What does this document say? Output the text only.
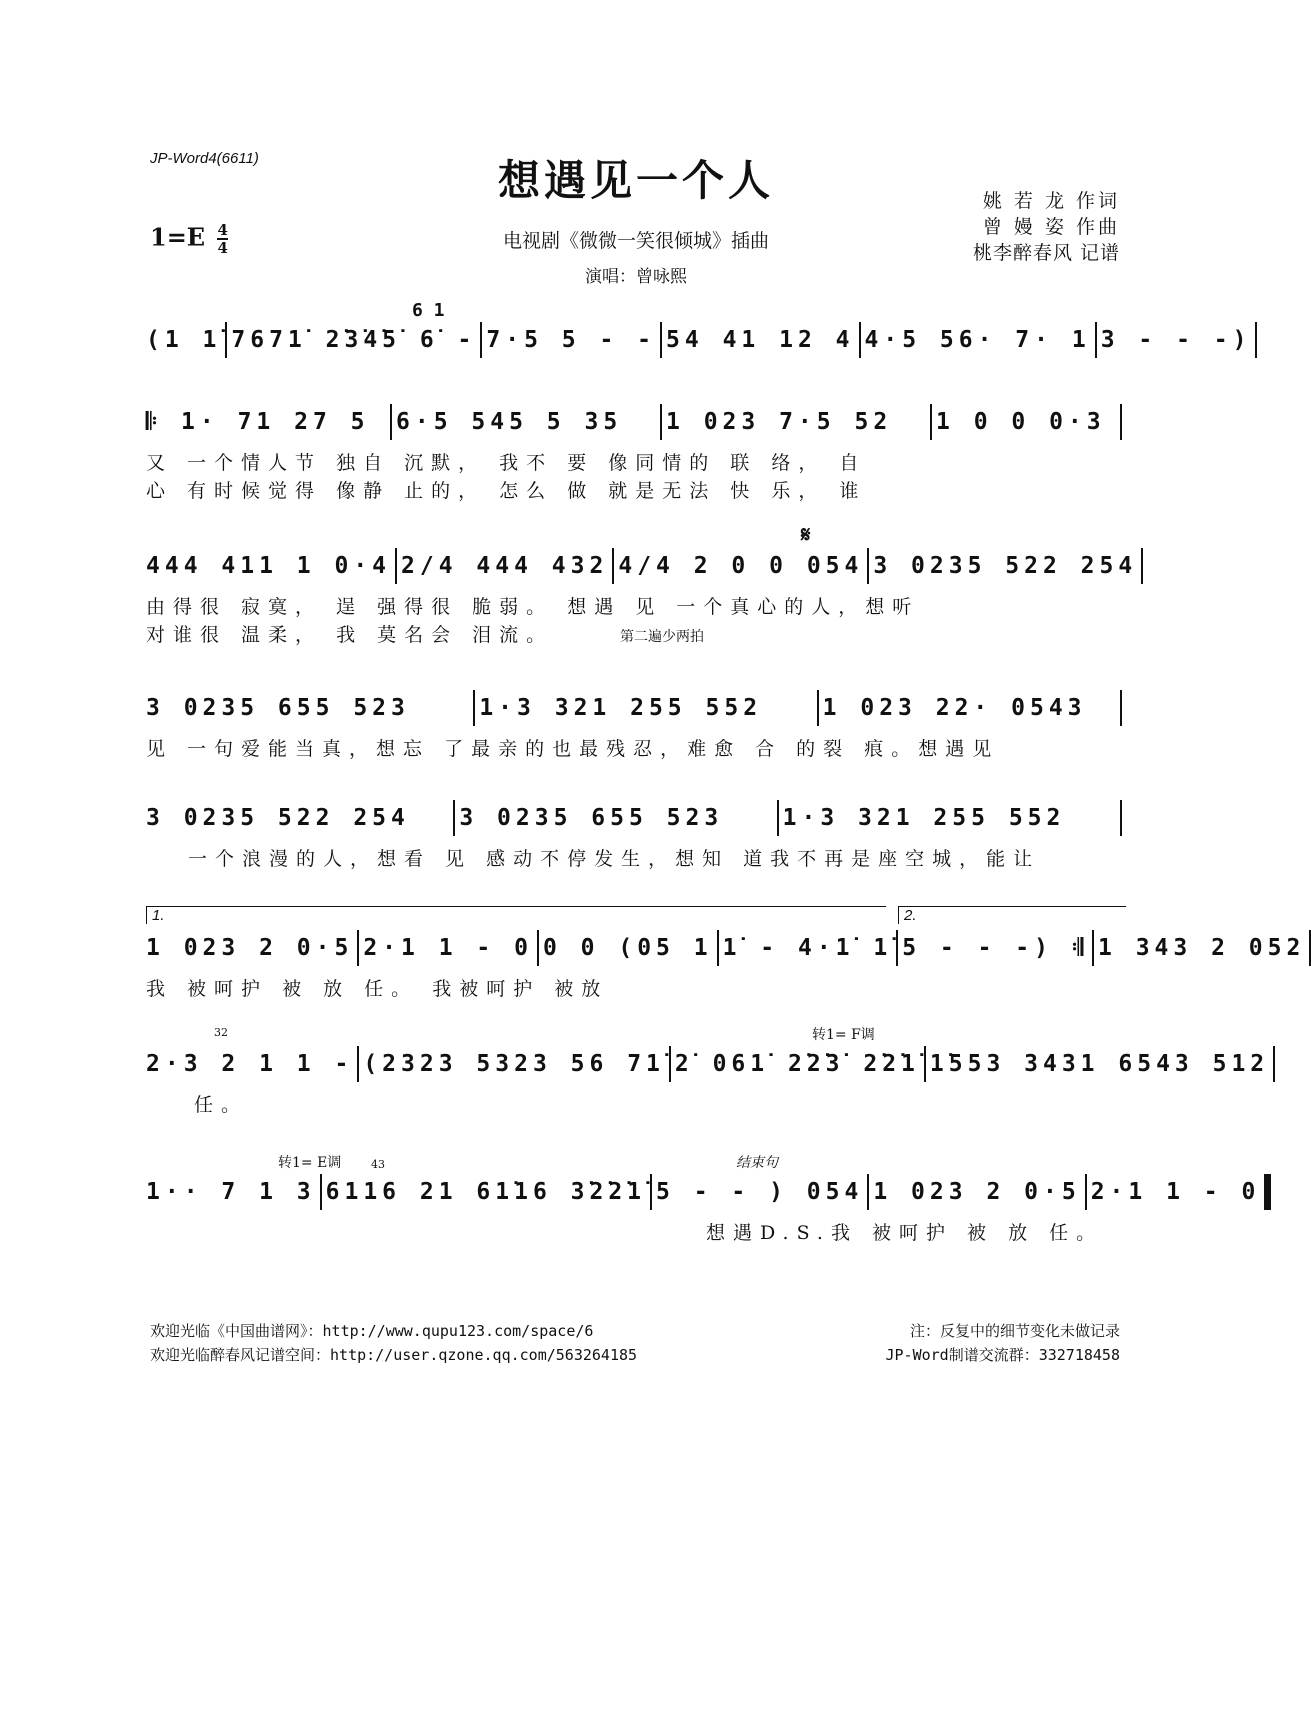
JP-Word4(6611)	想遇见一个人
$1=E \frac{4}{4}$	电视剧《微微一笑很倾城》插曲
演唱：曾咏熙
姚 若 龙 作词
曾 嫚 姿 作曲
桃李醉春风 记谱
6 1
(1 1̇ 7671̇ 2̇3̇4̇5̇ 6̇ - 7·5 5 - - 54 41 12 4 4·5 56· 7· 1 3 - - -)
𝄆 1· 71 27 5	6·5 545 5 35	1 023 7·5 52	1 0 0 0·3
又 一个情人节 独自 沉默， 我不 要 像同情的 联 络， 自
心 有时候觉得 像静 止的， 怎么 做 就是无法 快 乐， 谁
𝄋
444 411 1 0·4 2/4 444 432 4/4 2 0 0 054 3 0235 522 254
由得很 寂寞， 逞 强得很 脆弱。 想遇 见 一个真心的人，想听
对谁很 温柔， 我 莫名会 泪流。	第二遍少两拍
3 0235 655 523	1·3 321 255 552	1 023 22· 0543
见 一句爱能当真，想忘 了最亲的也最残忍，难愈 合 的裂 痕。想遇见
3 0235 522 254	3 0235 655 523	1·3 321 255 552
一个浪漫的人，想看 见 感动不停发生，想知 道我不再是座空城，能让
1.	2.
1 023 2 0·5 2·1 1 - 0 0 0 (05 1 1̇ - 4·1̇ 1̇ 5 - - -) 𝄇 1 343 2 052
我 被呵护 被 放 任。 我被呵护 被放
转1= F调
32
2·3 2 1 1 - (2323 5323 56 71̇ 2̇ 061̇ 2̇2̇3̇ 2̇2̇1̇ 1̇553 3431 6543 512
任。
转1= E调	43	结束句
1·· 7 1 3 6116 21 61̇16 3̇2̇2̇1̇ 5 - - ) 054 1 023 2 0·5 2·1 1 - 0
想遇D.S.我 被呵护 被 放 任。
欢迎光临《中国曲谱网》：http://www.qupu123.com/space/6
欢迎光临醉春风记谱空间：http://user.qzone.qq.com/563264185
注：反复中的细节变化未做记录
JP-Word制谱交流群：332718458
